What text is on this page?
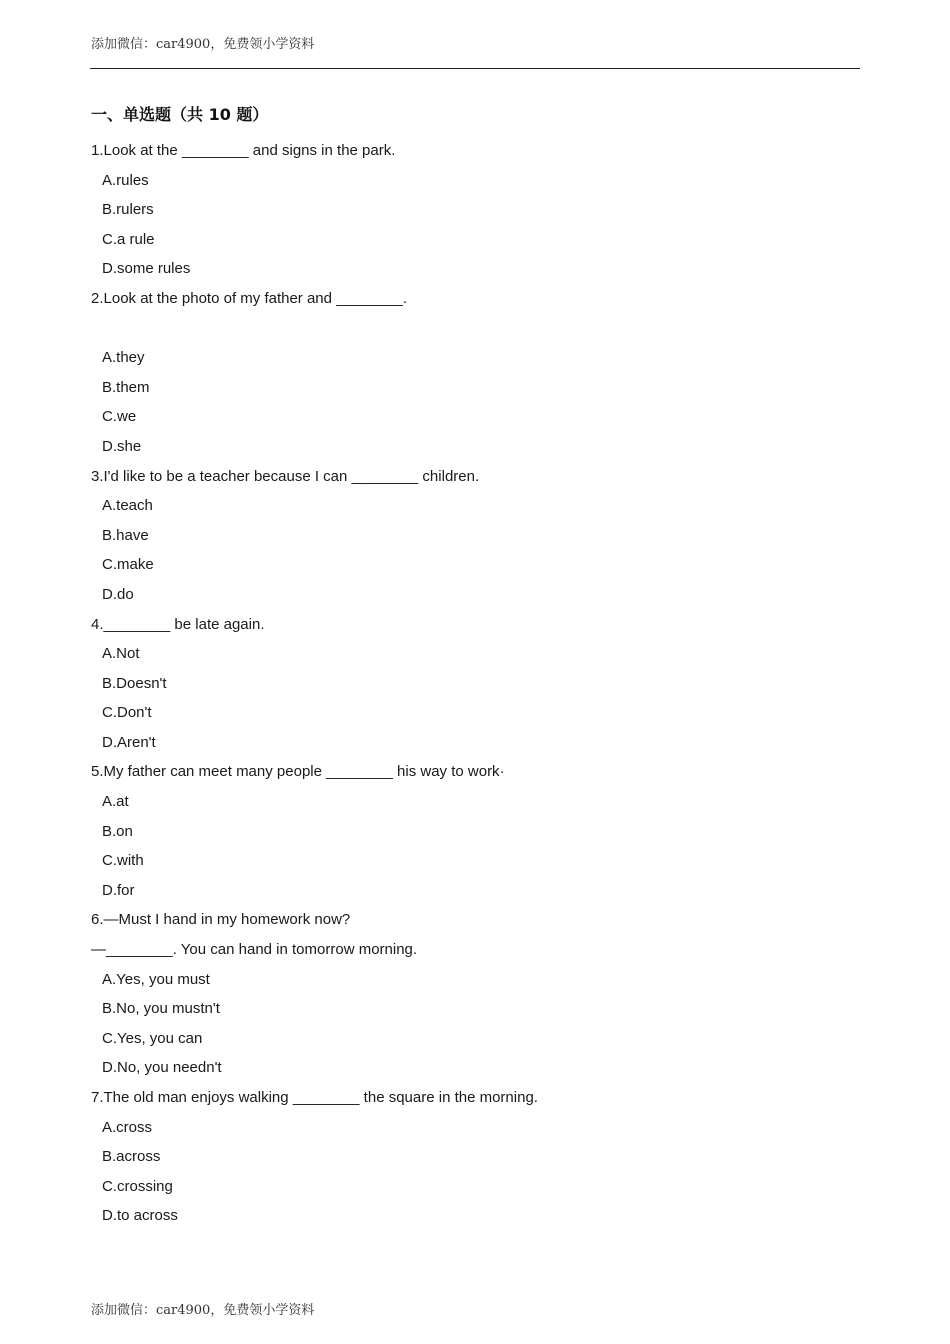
添加微信：car4900，免费领小学资料
一、单选题（共 10 题）
1.Look at the ________ and signs in the park.
A.rules
B.rulers
C.a rule
D.some rules
2.Look at the photo of my father and ________.
A.they
B.them
C.we
D.she
3.I'd like to be a teacher because I can ________ children.
A.teach
B.have
C.make
D.do
4.________ be late again.
A.Not
B.Doesn't
C.Don't
D.Aren't
5.My father can meet many people ________ his way to work·
A.at
B.on
C.with
D.for
6.—Must I hand in my homework now?
—________. You can hand in tomorrow morning.
A.Yes, you must
B.No, you mustn't
C.Yes, you can
D.No, you needn't
7.The old man enjoys walking ________ the square in the morning.
A.cross
B.across
C.crossing
D.to across
添加微信：car4900，免费领小学资料
